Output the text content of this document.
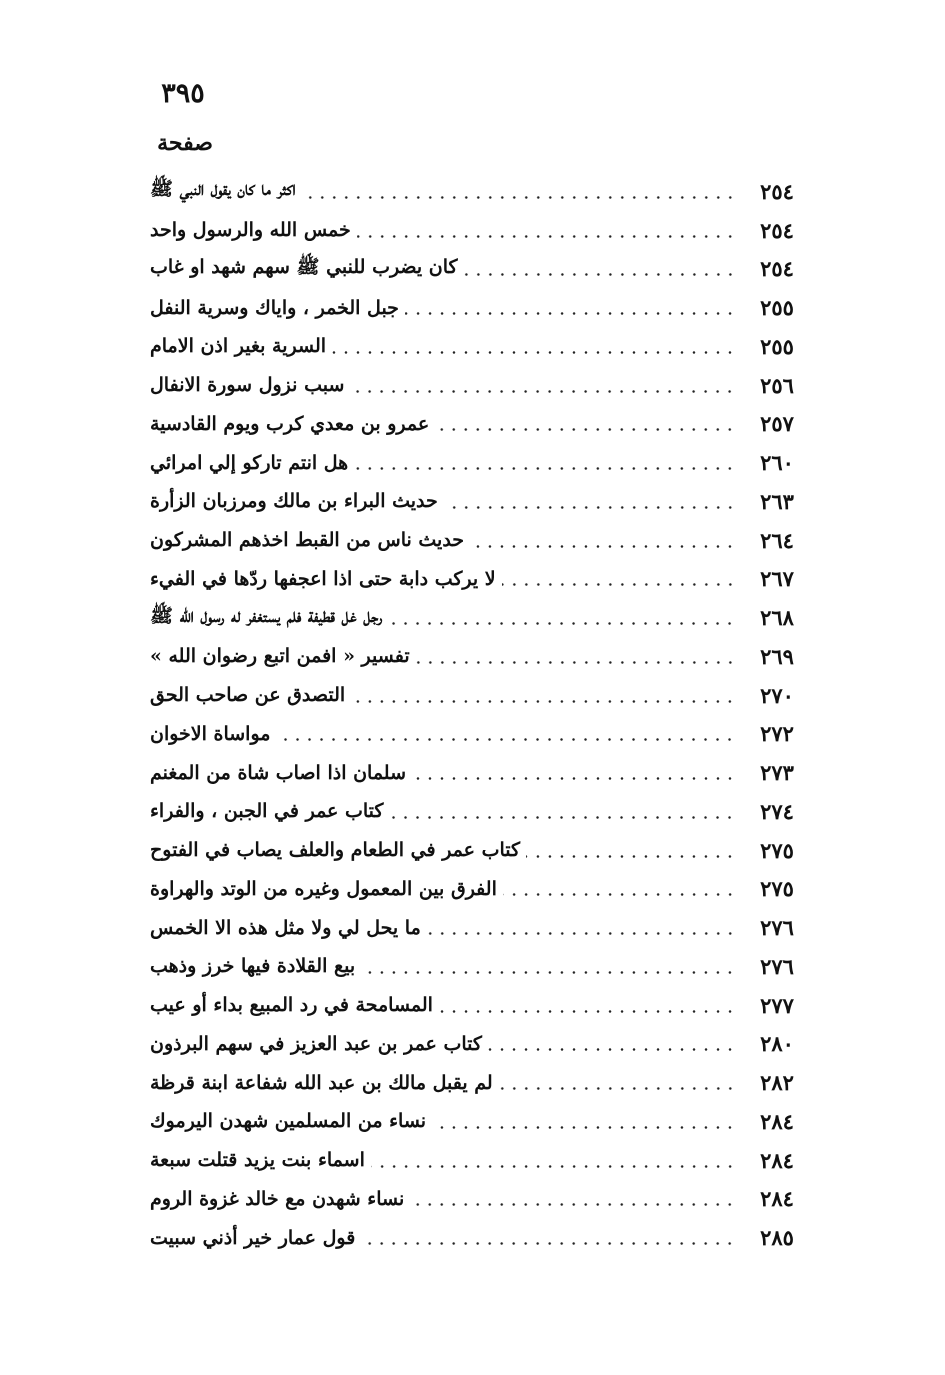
٣٩٥
صفحة
اكثر ما كان يقول النبي ﷺ	٢٥٤
خمس الله والرسول واحد	٢٥٤
كان يضرب للنبي ﷺ سهم شهد او غاب	٢٥٤
جبل الخمر ، واياك وسرية النفل	٢٥٥
السرية بغير اذن الامام	٢٥٥
سبب نزول سورة الانفال	٢٥٦
عمرو بن معدي كرب ويوم القادسية	٢٥٧
هل انتم تاركو إلي امرائي	٢٦٠
حديث البراء بن مالك ومرزبان الزأرة	٢٦٣
حديث ناس من القبط اخذهم المشركون	٢٦٤
لا يركب دابة حتى اذا اعجفها ردّها في الفيء	٢٦٧
رجل غل قطيفة فلم يستغفر له رسول الله ﷺ	٢٦٨
تفسير « افمن اتبع رضوان الله »	٢٦٩
التصدق عن صاحب الحق	٢٧٠
مواساة الاخوان	٢٧٢
سلمان اذا اصاب شاة من المغنم	٢٧٣
كتاب عمر في الجبن ، والفراء	٢٧٤
كتاب عمر في الطعام والعلف يصاب في الفتوح	٢٧٥
الفرق بين المعمول وغيره من الوتد والهراوة	٢٧٥
ما يحل لي ولا مثل هذه الا الخمس	٢٧٦
بيع القلادة فيها خرز وذهب	٢٧٦
المسامحة في رد المبيع بداء أو عيب	٢٧٧
كتاب عمر بن عبد العزيز في سهم البرذون	٢٨٠
لم يقبل مالك بن عبد الله شفاعة ابنة قرظة	٢٨٢
نساء من المسلمين شهدن اليرموك	٢٨٤
اسماء بنت يزيد قتلت سبعة	٢٨٤
نساء شهدن مع خالد غزوة الروم	٢٨٤
قول عمار خير أذني سبيت	٢٨٥
